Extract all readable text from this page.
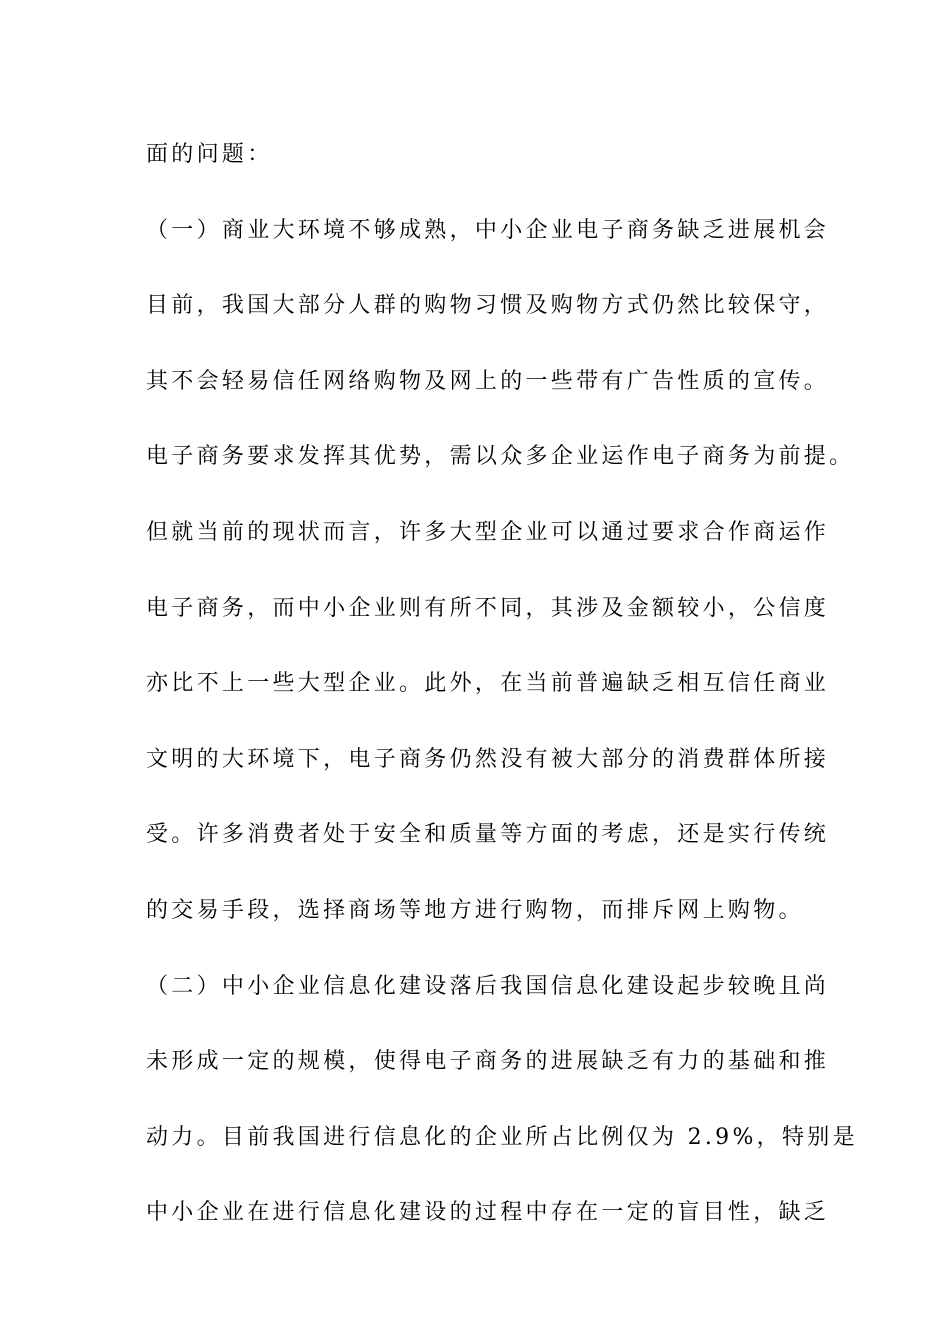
面的问题：
（一）商业大环境不够成熟，中小企业电子商务缺乏进展机会
目前，我国大部分人群的购物习惯及购物方式仍然比较保守，
其不会轻易信任网络购物及网上的一些带有广告性质的宣传。
电子商务要求发挥其优势，需以众多企业运作电子商务为前提。
但就当前的现状而言，许多大型企业可以通过要求合作商运作
电子商务，而中小企业则有所不同，其涉及金额较小，公信度
亦比不上一些大型企业。此外，在当前普遍缺乏相互信任商业
文明的大环境下，电子商务仍然没有被大部分的消费群体所接
受。许多消费者处于安全和质量等方面的考虑，还是实行传统
的交易手段，选择商场等地方进行购物，而排斥网上购物。
（二）中小企业信息化建设落后我国信息化建设起步较晚且尚
未形成一定的规模，使得电子商务的进展缺乏有力的基础和推
动力。目前我国进行信息化的企业所占比例仅为 2.9%，特别是
中小企业在进行信息化建设的过程中存在一定的盲目性，缺乏
